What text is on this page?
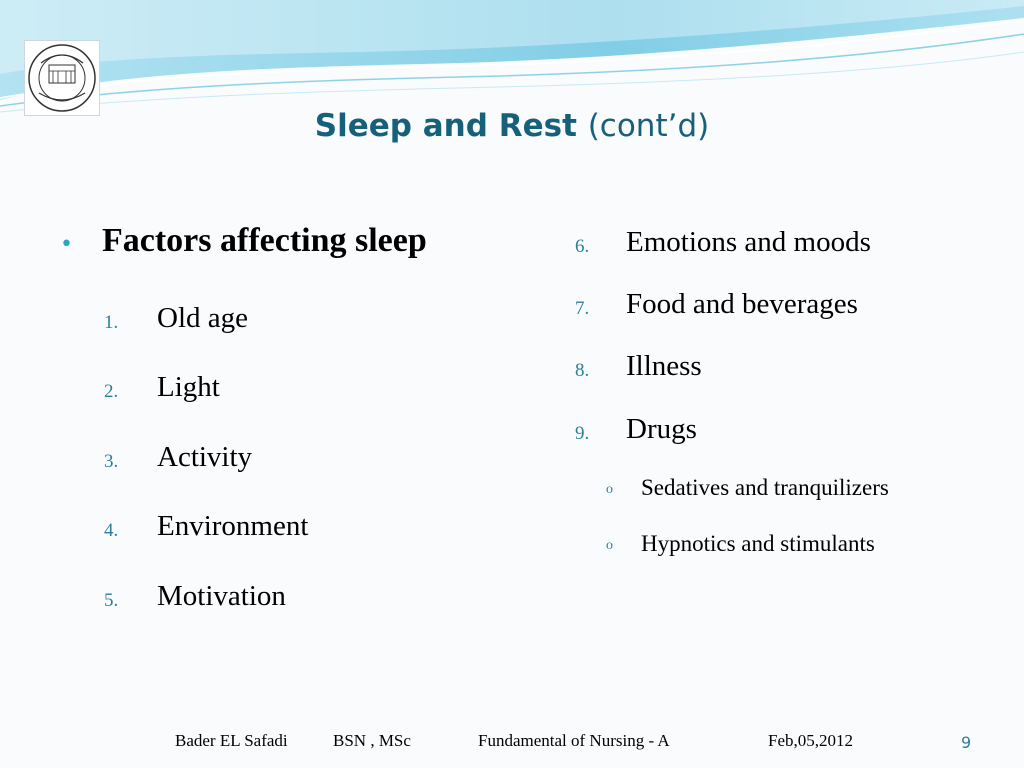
Sleep and Rest (cont’d)
• Factors affecting sleep
1. Old age
2. Light
3. Activity
4. Environment
5. Motivation
6. Emotions and moods
7. Food and beverages
8. Illness
9. Drugs
o Sedatives and tranquilizers
o Hypnotics and stimulants
Bader EL Safadi	BSN , MSc	Fundamental of Nursing - A	Feb,05,2012	9
